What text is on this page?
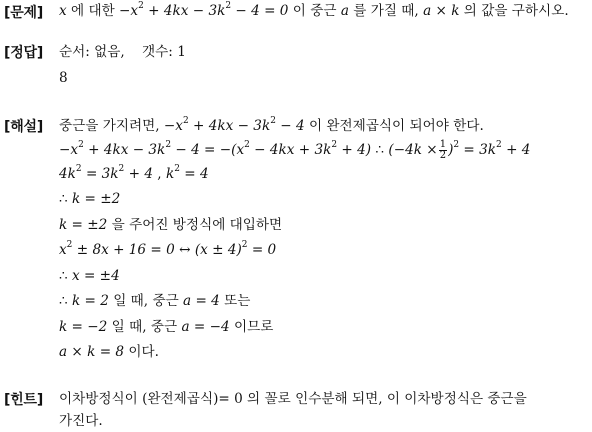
[문제] x 에 대한 $-x^2 + 4kx - 3k^2 - 4 = 0$ 이 중근 a 를 가질 때, a × k 의 값을 구하시오.
[정답] 순서: 없음, 갯수: 1
8
[해설] 중근을 가지려면, $-x^2 + 4kx - 3k^2 - 4$ 이 완전제곱식이 되어야 한다.
$-x^2 + 4kx - 3k^2 - 4 = -(x^2 - 4kx + 3k^2 + 4)$ ∴ $(-4k \times \frac{1}{2} )^2 = 3k^2 + 4$
$4k^2 = 3k^2 + 4$ , $k^2 = 4$
∴ k = ±2
k = ±2 을 주어진 방정식에 대입하면
$x^2 \pm 8x + 16 = 0$ ↔ $(x \pm 4)^2 = 0$
∴ x = ±4
∴ k = 2 일 때, 중근 a = 4 또는
k = −2 일 때, 중근 a = −4 이므로
a × k = 8 이다.
[힌트] 이차방정식이 (완전제곱식)= 0 의 꼴로 인수분해 되면, 이 이차방정식은 중근을
가진다.
